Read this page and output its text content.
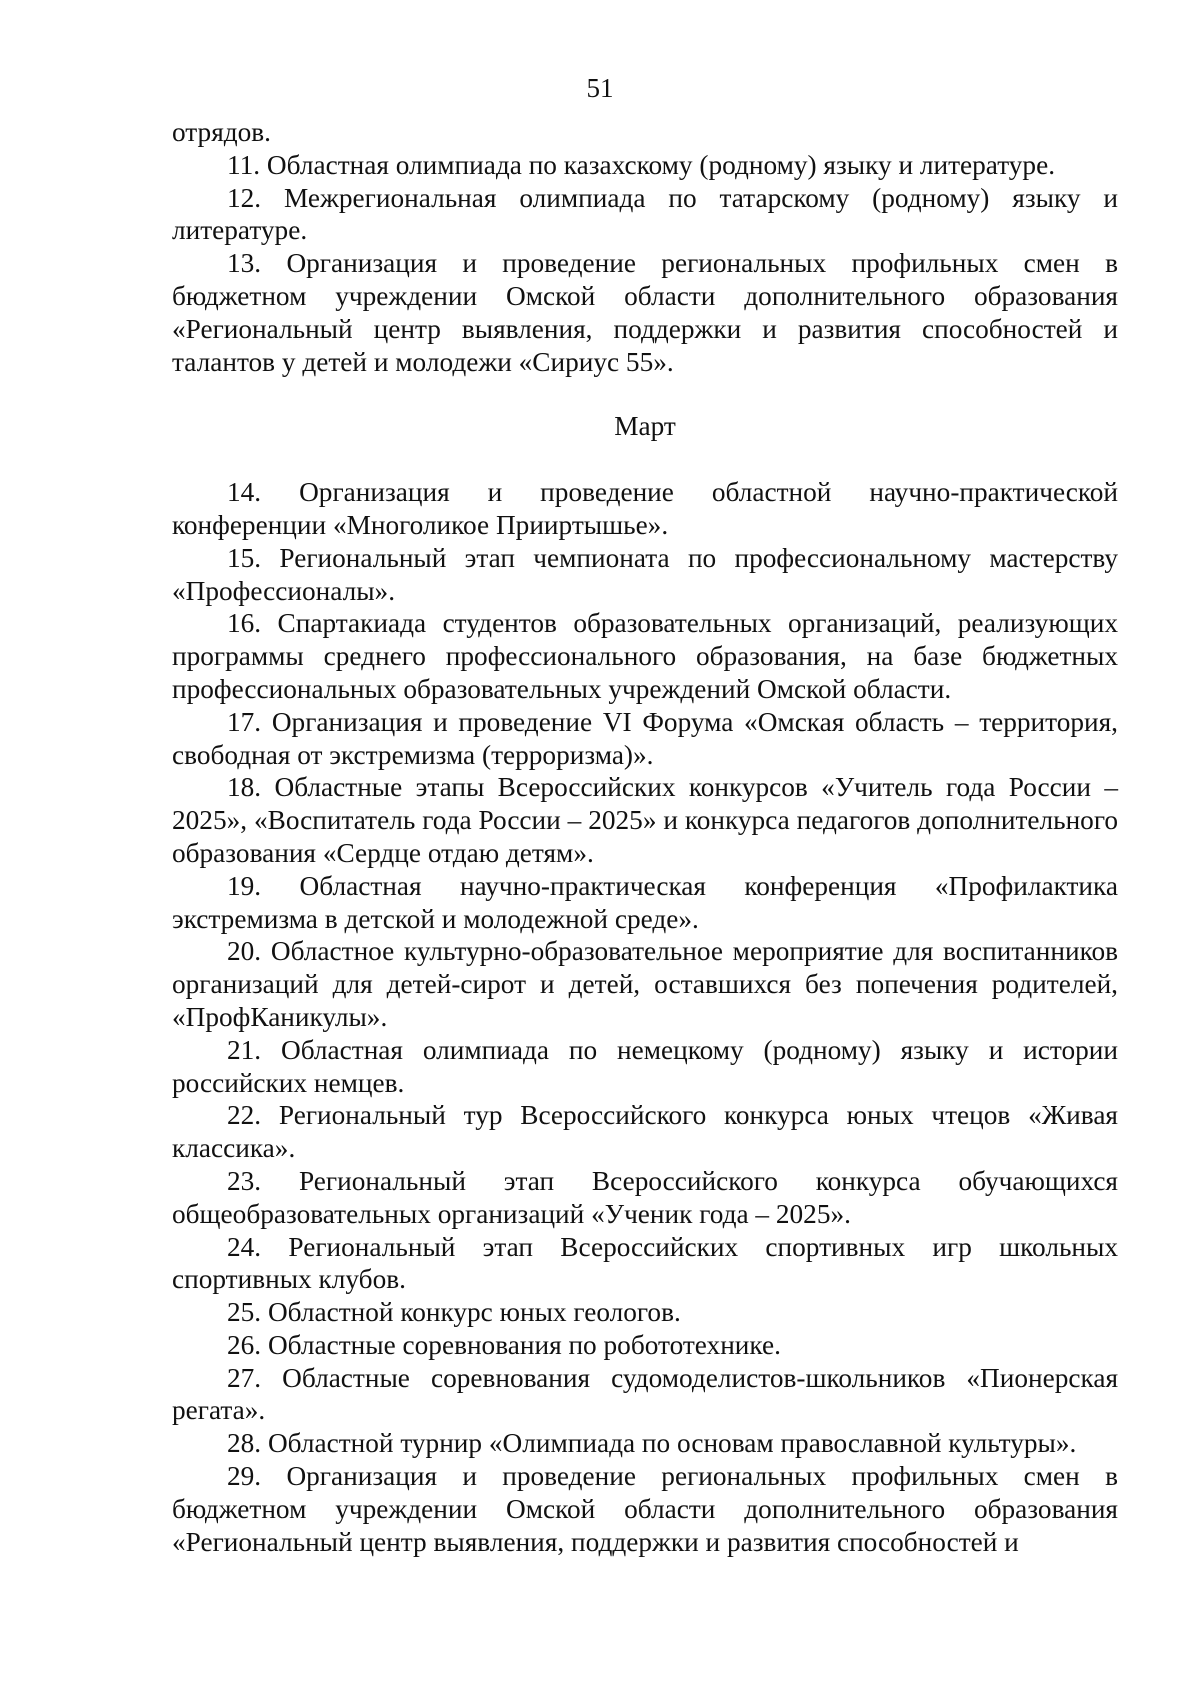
51

отрядов.

11. Областная олимпиада по казахскому (родному) языку и литературе.

12. Межрегиональная олимпиада по татарскому (родному) языку и литературе.

13. Организация и проведение региональных профильных смен в бюджетном учреждении Омской области дополнительного образования «Региональный центр выявления, поддержки и развития способностей и талантов у детей и молодежи «Сириус 55».

Март

14. Организация и проведение областной научно-практической конференции «Многоликое Прииртышье».

15. Региональный этап чемпионата по профессиональному мастерству «Профессионалы».

16. Спартакиада студентов образовательных организаций, реализующих программы среднего профессионального образования, на базе бюджетных профессиональных образовательных учреждений Омской области.

17. Организация и проведение VI Форума «Омская область – территория, свободная от экстремизма (терроризма)».

18. Областные этапы Всероссийских конкурсов «Учитель года России – 2025», «Воспитатель года России – 2025» и конкурса педагогов дополнительного образования «Сердце отдаю детям».

19. Областная научно-практическая конференция «Профилактика экстремизма в детской и молодежной среде».

20. Областное культурно-образовательное мероприятие для воспитанников организаций для детей-сирот и детей, оставшихся без попечения родителей, «ПрофКаникулы».

21. Областная олимпиада по немецкому (родному) языку и истории российских немцев.

22. Региональный тур Всероссийского конкурса юных чтецов «Живая классика».

23. Региональный этап Всероссийского конкурса обучающихся общеобразовательных организаций «Ученик года – 2025».

24. Региональный этап Всероссийских спортивных игр школьных спортивных клубов.

25. Областной конкурс юных геологов.

26. Областные соревнования по робототехнике.

27. Областные соревнования судомоделистов-школьников «Пионерская регата».

28. Областной турнир «Олимпиада по основам православной культуры».

29. Организация и проведение региональных профильных смен в бюджетном учреждении Омской области дополнительного образования «Региональный центр выявления, поддержки и развития способностей и
